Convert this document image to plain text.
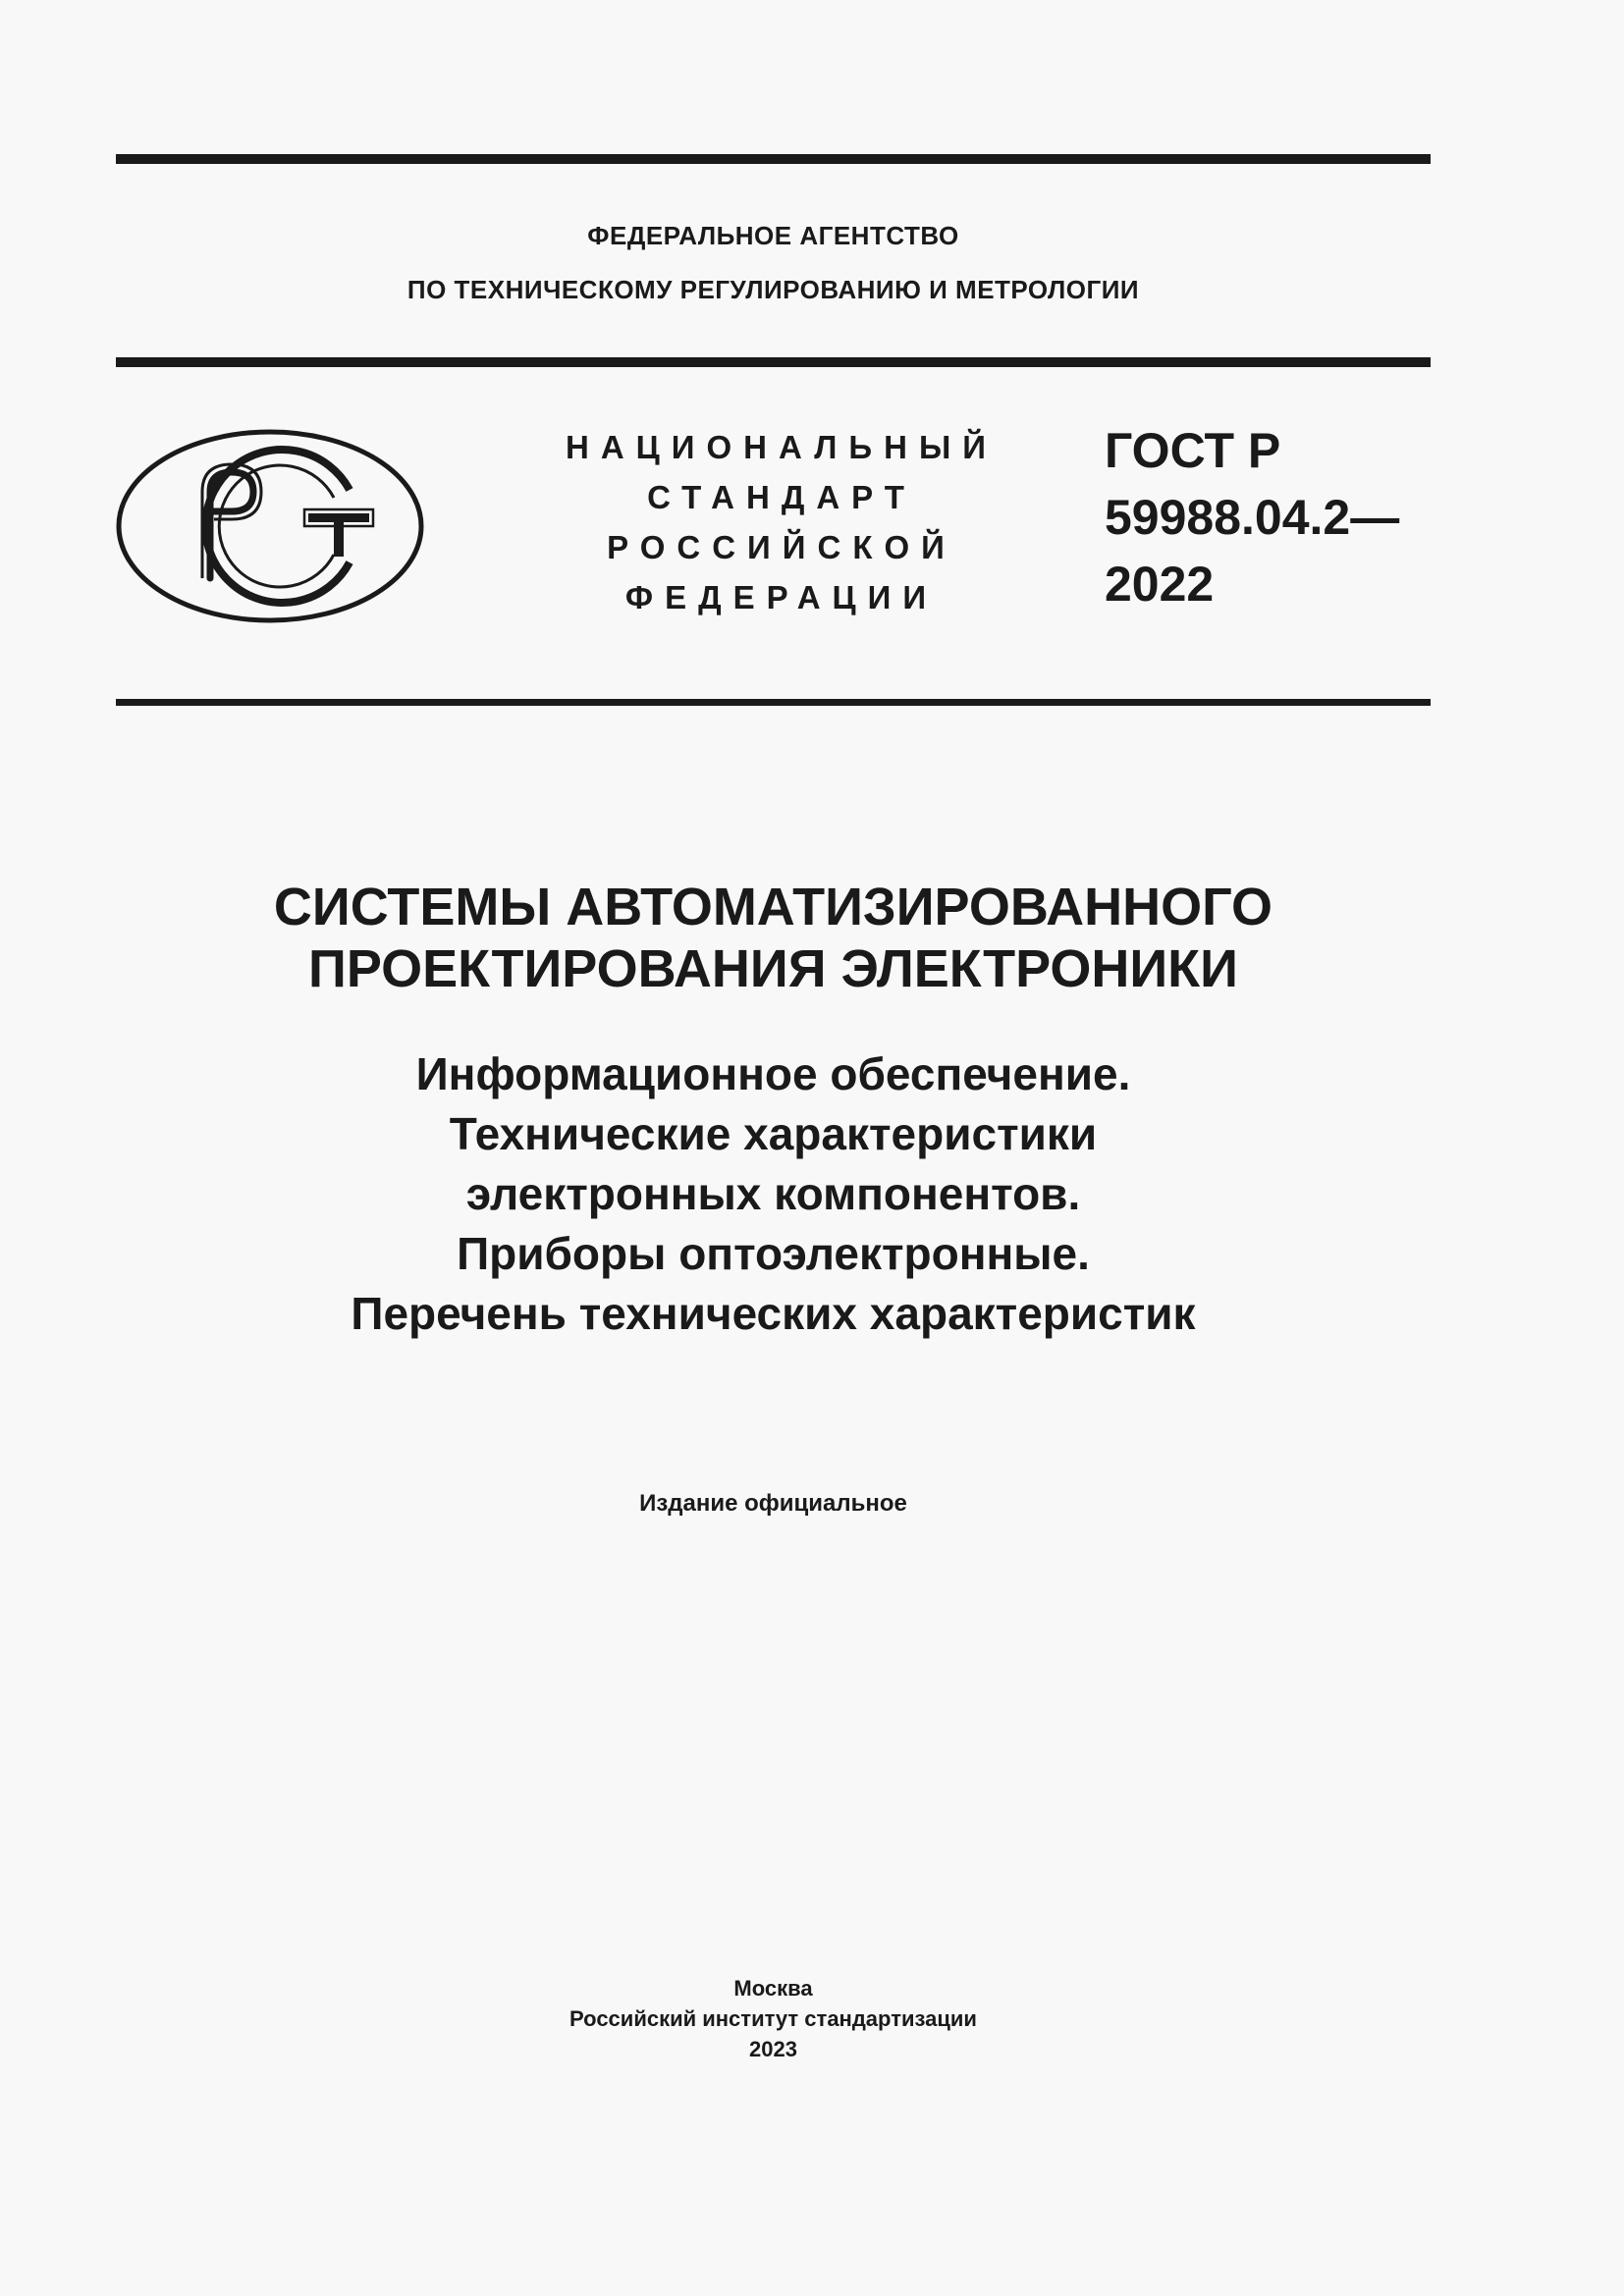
ФЕДЕРАЛЬНОЕ АГЕНТСТВО
ПО ТЕХНИЧЕСКОМУ РЕГУЛИРОВАНИЮ И МЕТРОЛОГИИ
НАЦИОНАЛЬНЫЙ
СТАНДАРТ
РОССИЙСКОЙ
ФЕДЕРАЦИИ
ГОСТ Р
59988.04.2—
2022
СИСТЕМЫ АВТОМАТИЗИРОВАННОГО
ПРОЕКТИРОВАНИЯ ЭЛЕКТРОНИКИ
Информационное обеспечение.
Технические характеристики
электронных компонентов.
Приборы оптоэлектронные.
Перечень технических характеристик
Издание официальное
Москва
Российский институт стандартизации
2023
